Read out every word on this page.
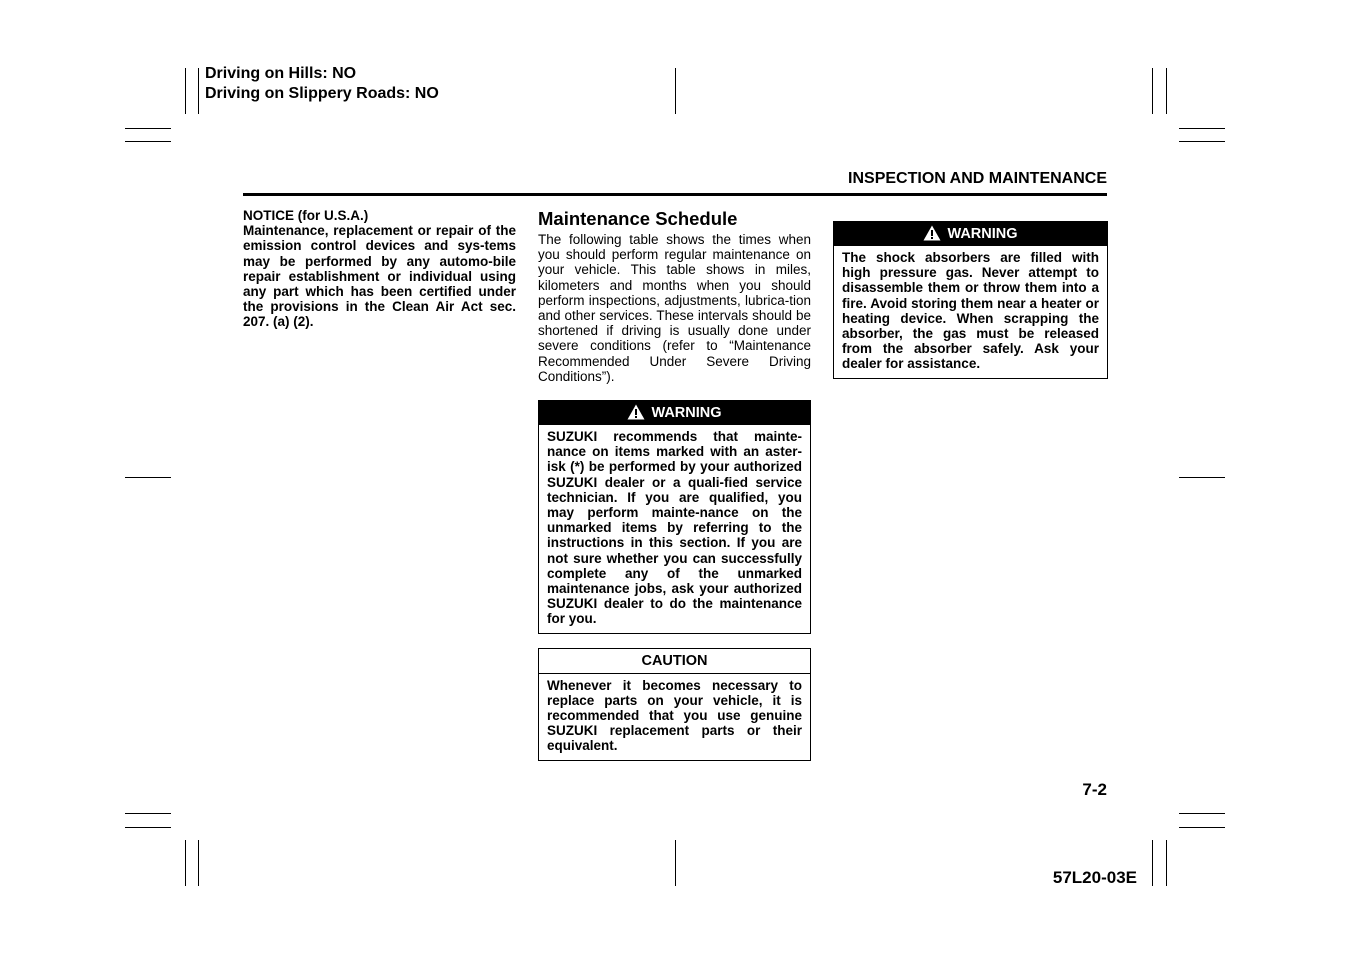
Driving on Hills: NO
Driving on Slippery Roads: NO
INSPECTION AND MAINTENANCE
NOTICE (for U.S.A.)
Maintenance, replacement or repair of the emission control devices and sys-tems may be performed by any automo-bile repair establishment or individual using any part which has been certified under the provisions in the Clean Air Act sec. 207. (a) (2).
Maintenance Schedule
The following table shows the times when you should perform regular maintenance on your vehicle. This table shows in miles, kilometers and months when you should perform inspections, adjustments, lubrica-tion and other services. These intervals should be shortened if driving is usually done under severe conditions (refer to “Maintenance Recommended Under Severe Driving Conditions”).
WARNING
SUZUKI recommends that mainte-nance on items marked with an aster-isk (*) be performed by your authorized SUZUKI dealer or a quali-fied service technician. If you are qualified, you may perform mainte-nance on the unmarked items by referring to the instructions in this section. If you are not sure whether you can successfully complete any of the unmarked maintenance jobs, ask your authorized SUZUKI dealer to do the maintenance for you.
CAUTION
Whenever it becomes necessary to replace parts on your vehicle, it is recommended that you use genuine SUZUKI replacement parts or their equivalent.
WARNING
The shock absorbers are filled with high pressure gas. Never attempt to disassemble them or throw them into a fire. Avoid storing them near a heater or heating device. When scrapping the absorber, the gas must be released from the absorber safely. Ask your dealer for assistance.
7-2
57L20-03E
